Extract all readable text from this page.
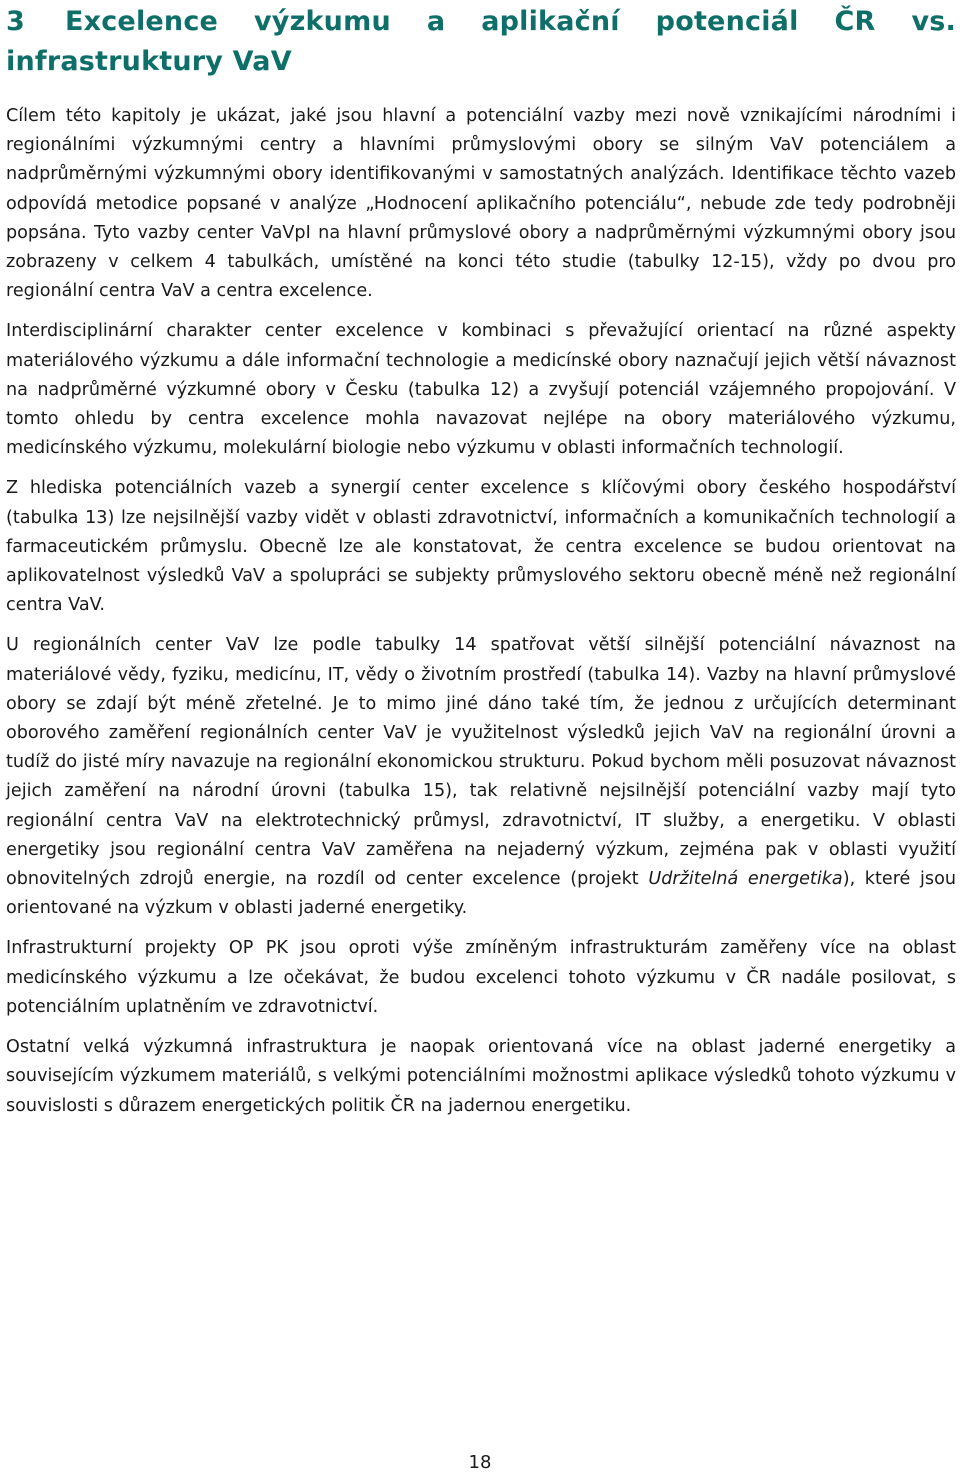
3 Excelence výzkumu a aplikační potenciál ČR vs. infrastruktury VaV

Cílem této kapitoly je ukázat, jaké jsou hlavní a potenciální vazby mezi nově vznikajícími národními i regionálními výzkumnými centry a hlavními průmyslovými obory se silným VaV potenciálem a nadprůměrnými výzkumnými obory identifikovanými v samostatných analýzách. Identifikace těchto vazeb odpovídá metodice popsané v analýze „Hodnocení aplikačního potenciálu“, nebude zde tedy podrobněji popsána. Tyto vazby center VaVpI na hlavní průmyslové obory a nadprůměrnými výzkumnými obory jsou zobrazeny v celkem 4 tabulkách, umístěné na konci této studie (tabulky 12-15), vždy po dvou pro regionální centra VaV a centra excelence.

Interdisciplinární charakter center excelence v kombinaci s převažující orientací na různé aspekty materiálového výzkumu a dále informační technologie a medicínské obory naznačují jejich větší návaznost na nadprůměrné výzkumné obory v Česku (tabulka 12) a zvyšují potenciál vzájemného propojování. V tomto ohledu by centra excelence mohla navazovat nejlépe na obory materiálového výzkumu, medicínského výzkumu, molekulární biologie nebo výzkumu v oblasti informačních technologií.

Z hlediska potenciálních vazeb a synergií center excelence s klíčovými obory českého hospodářství (tabulka 13) lze nejsilnější vazby vidět v oblasti zdravotnictví, informačních a komunikačních technologií a farmaceutickém průmyslu. Obecně lze ale konstatovat, že centra excelence se budou orientovat na aplikovatelnost výsledků VaV a spolupráci se subjekty průmyslového sektoru obecně méně než regionální centra VaV.

U regionálních center VaV lze podle tabulky 14 spatřovat větší silnější potenciální návaznost na materiálové vědy, fyziku, medicínu, IT, vědy o životním prostředí (tabulka 14). Vazby na hlavní průmyslové obory se zdají být méně zřetelné. Je to mimo jiné dáno také tím, že jednou z určujících determinant oborového zaměření regionálních center VaV je využitelnost výsledků jejich VaV na regionální úrovni a tudíž do jisté míry navazuje na regionální ekonomickou strukturu. Pokud bychom měli posuzovat návaznost jejich zaměření na národní úrovni (tabulka 15), tak relativně nejsilnější potenciální vazby mají tyto regionální centra VaV na elektrotechnický průmysl, zdravotnictví, IT služby, a energetiku. V oblasti energetiky jsou regionální centra VaV zaměřena na nejaderný výzkum, zejména pak v oblasti využití obnovitelných zdrojů energie, na rozdíl od center excelence (projekt Udržitelná energetika), které jsou orientované na výzkum v oblasti jaderné energetiky.

Infrastrukturní projekty OP PK jsou oproti výše zmíněným infrastrukturám zaměřeny více na oblast medicínského výzkumu a lze očekávat, že budou excelenci tohoto výzkumu v ČR nadále posilovat, s potenciálním uplatněním ve zdravotnictví.

Ostatní velká výzkumná infrastruktura je naopak orientovaná více na oblast jaderné energetiky a souvisejícím výzkumem materiálů, s velkými potenciálními možnostmi aplikace výsledků tohoto výzkumu v souvislosti s důrazem energetických politik ČR na jadernou energetiku.

18
